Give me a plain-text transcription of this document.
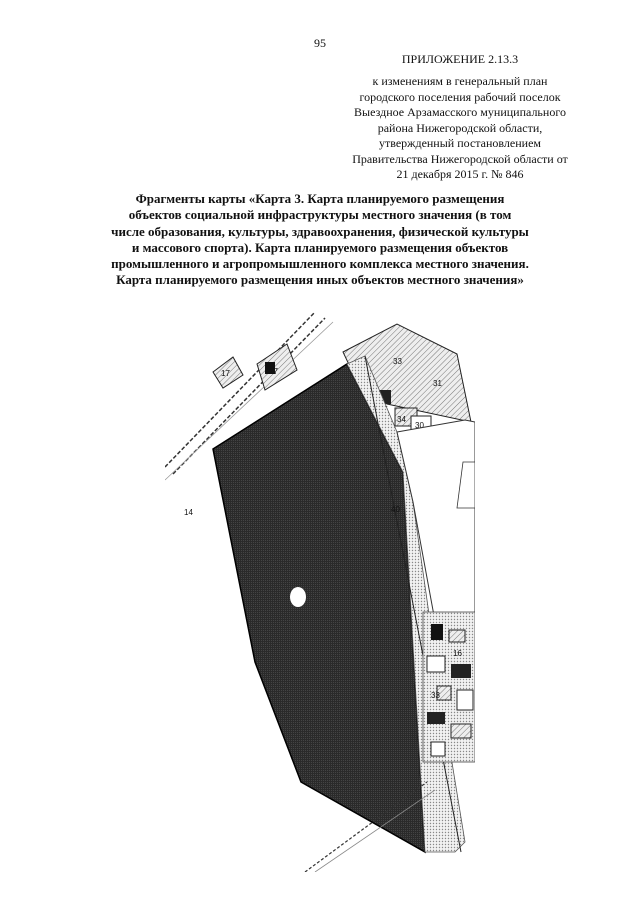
95
ПРИЛОЖЕНИЕ 2.13.3
к изменениям в генеральный план
городского поселения рабочий поселок
Выездное Арзамасского муниципального
района Нижегородской области,
утвержденный постановлением
Правительства Нижегородской области от
21 декабря 2015 г. № 846
Фрагменты карты «Карта 3. Карта планируемого размещения
объектов социальной инфраструктуры местного значения (в том
числе образования, культуры, здравоохранения, физической культуры
и массового спорта). Карта планируемого размещения объектов
промышленного и агропромышленного комплекса местного значения.
Карта планируемого размещения иных объектов местного значения»
14
17	17
33
31
34
30
40
16
33
